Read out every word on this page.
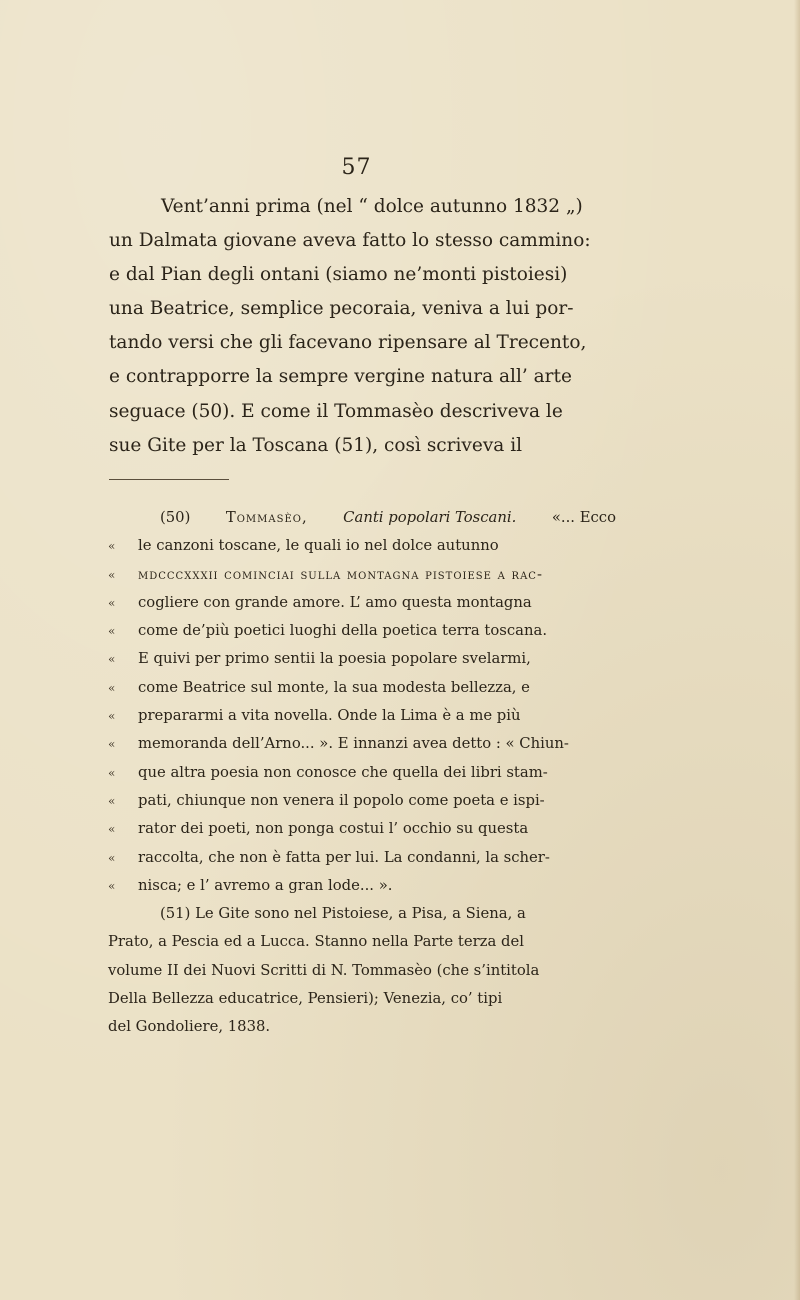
57
Vent’anni prima (nel “ dolce autunno 1832 „)
un Dalmata giovane aveva fatto lo stesso cammino:
e dal Pian degli ontani (siamo ne’monti pistoiesi)
una Beatrice, semplice pecoraia, veniva a lui por-
tando versi che gli facevano ripensare al Trecento,
e contrapporre la sempre vergine natura all’ arte
seguace (50). E come il Tommasèo descriveva le
sue Gite per la Toscana (51), così scriveva il
(50) Tommasèo, Canti popolari Toscani. «... Ecco
«	le canzoni toscane, le quali io nel dolce autunno
«	mdcccxxxii cominciai sulla montagna pistoiese a rac-
«	cogliere con grande amore. L’ amo questa montagna
«	come de’più poetici luoghi della poetica terra toscana.
«	E quivi per primo sentii la poesia popolare svelarmi,
«	come Beatrice sul monte, la sua modesta bellezza, e
«	prepararmi a vita novella. Onde la Lima è a me più
«	memoranda dell’Arno... ». E innanzi avea detto : « Chiun-
«	que altra poesia non conosce che quella dei libri stam-
«	pati, chiunque non venera il popolo come poeta e ispi-
«	rator dei poeti, non ponga costui l’ occhio su questa
«	raccolta, che non è fatta per lui. La condanni, la scher-
«	nisca; e l’ avremo a gran lode... ».
(51) Le Gite sono nel Pistoiese, a Pisa, a Siena, a
Prato, a Pescia ed a Lucca. Stanno nella Parte terza del
volume II dei Nuovi Scritti di N. Tommasèo (che s’intitola
Della Bellezza educatrice, Pensieri); Venezia, co’ tipi
del Gondoliere, 1838.
